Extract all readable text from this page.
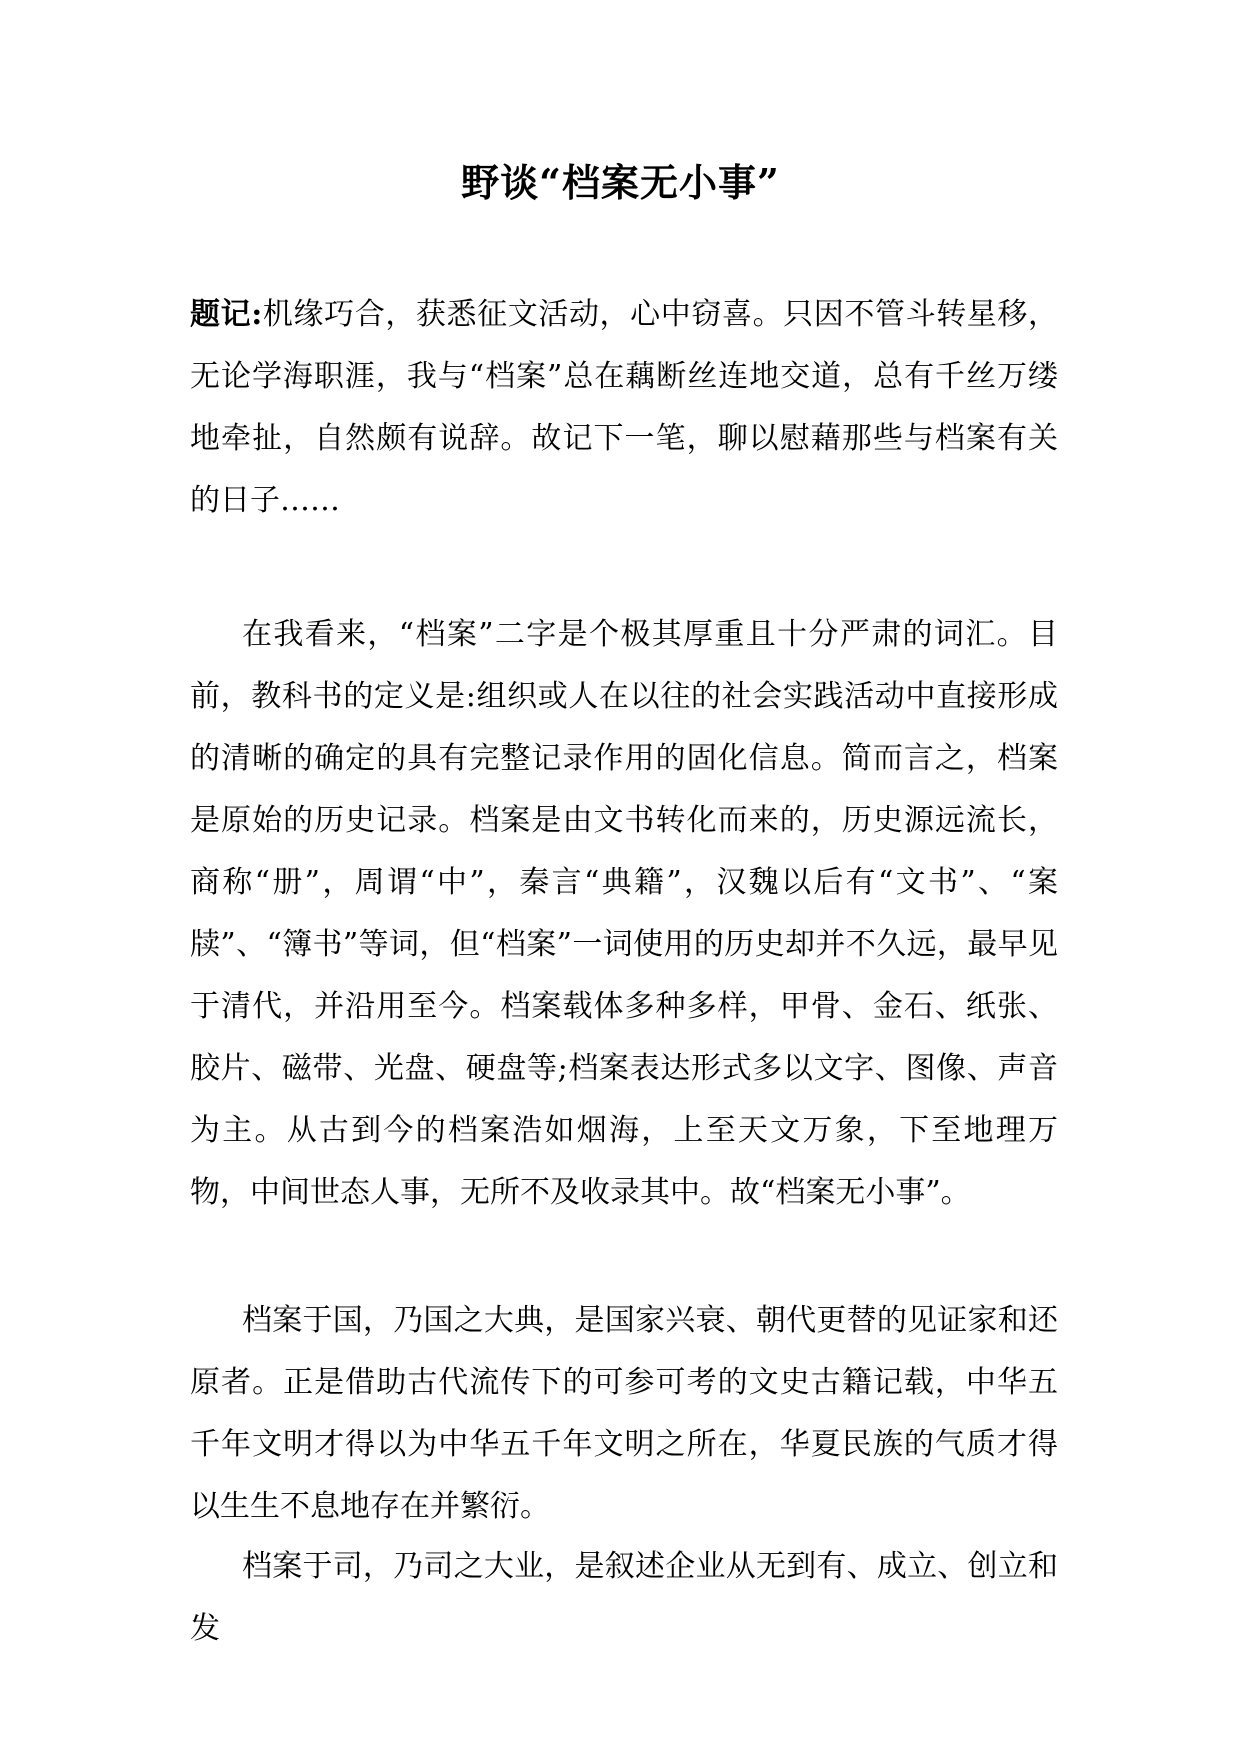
野谈“档案无小事”

题记:机缘巧合，获悉征文活动，心中窃喜。只因不管斗转星移，无论学海职涯，我与“档案”总在藕断丝连地交道，总有千丝万缕地牵扯，自然颇有说辞。故记下一笔，聊以慰藉那些与档案有关的日子……

在我看来，“档案”二字是个极其厚重且十分严肃的词汇。目前，教科书的定义是:组织或人在以往的社会实践活动中直接形成的清晰的确定的具有完整记录作用的固化信息。简而言之，档案是原始的历史记录。档案是由文书转化而来的，历史源远流长，商称“册”，周谓“中”，秦言“典籍”，汉魏以后有“文书”、“案牍”、“簿书”等词，但“档案”一词使用的历史却并不久远，最早见于清代，并沿用至今。档案载体多种多样，甲骨、金石、纸张、胶片、磁带、光盘、硬盘等;档案表达形式多以文字、图像、声音为主。从古到今的档案浩如烟海，上至天文万象，下至地理万物，中间世态人事，无所不及收录其中。故“档案无小事”。

档案于国，乃国之大典，是国家兴衰、朝代更替的见证家和还原者。正是借助古代流传下的可参可考的文史古籍记载，中华五千年文明才得以为中华五千年文明之所在，华夏民族的气质才得以生生不息地存在并繁衍。

档案于司，乃司之大业，是叙述企业从无到有、成立、创立和发
